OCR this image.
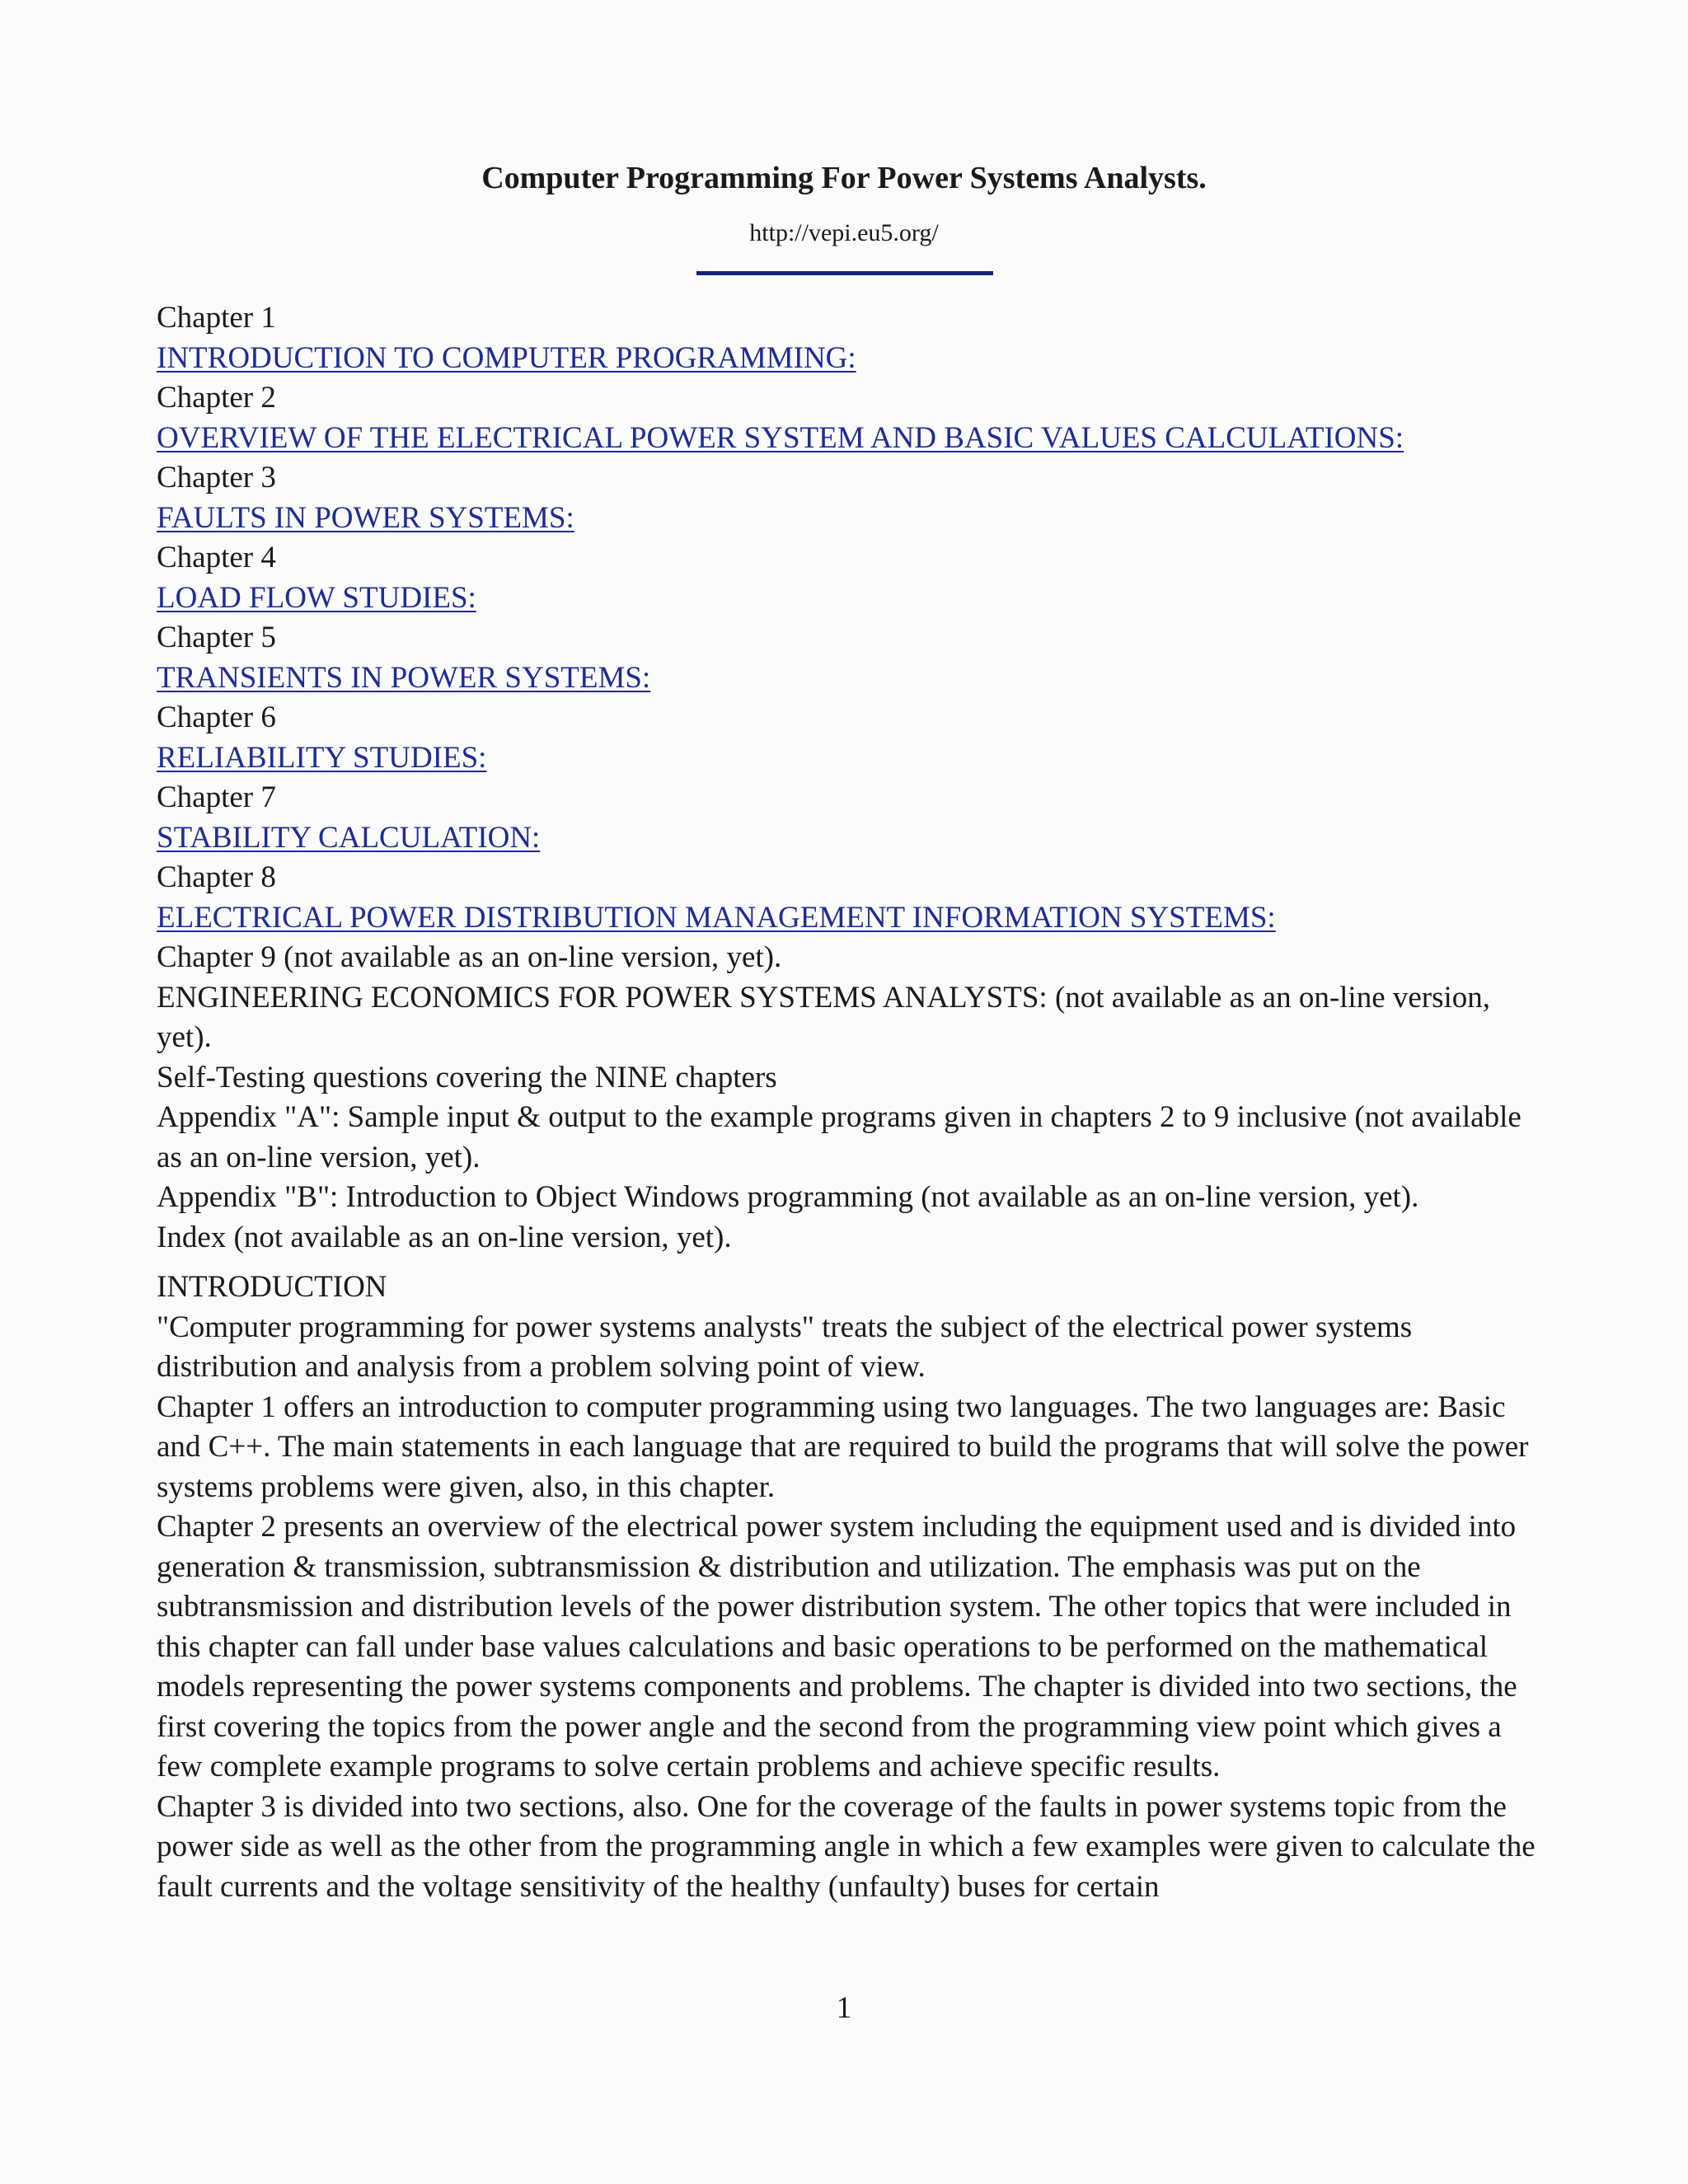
Computer Programming For Power Systems Analysts.
http://vepi.eu5.org/
Chapter 1
INTRODUCTION TO COMPUTER PROGRAMMING:
Chapter 2
OVERVIEW OF THE ELECTRICAL POWER SYSTEM AND BASIC VALUES CALCULATIONS:
Chapter 3
FAULTS IN POWER SYSTEMS:
Chapter 4
LOAD FLOW STUDIES:
Chapter 5
TRANSIENTS IN POWER SYSTEMS:
Chapter 6
RELIABILITY STUDIES:
Chapter 7
STABILITY CALCULATION:
Chapter 8
ELECTRICAL POWER DISTRIBUTION MANAGEMENT INFORMATION SYSTEMS:
Chapter 9 (not available as an on-line version, yet).
ENGINEERING ECONOMICS FOR POWER SYSTEMS ANALYSTS: (not available as an on-line version, yet).
Self-Testing questions covering the NINE chapters
Appendix "A": Sample input & output to the example programs given in chapters 2 to 9 inclusive (not available as an on-line version, yet).
Appendix "B": Introduction to Object Windows programming (not available as an on-line version, yet).
Index (not available as an on-line version, yet).
INTRODUCTION
"Computer programming for power systems analysts" treats the subject of the electrical power systems distribution and analysis from a problem solving point of view.
Chapter 1 offers an introduction to computer programming using two languages. The two languages are: Basic and C++. The main statements in each language that are required to build the programs that will solve the power systems problems were given, also, in this chapter.
Chapter 2 presents an overview of the electrical power system including the equipment used and is divided into generation & transmission, subtransmission & distribution and utilization. The emphasis was put on the subtransmission and distribution levels of the power distribution system. The other topics that were included in this chapter can fall under base values calculations and basic operations to be performed on the mathematical models representing the power systems components and problems. The chapter is divided into two sections, the first covering the topics from the power angle and the second from the programming view point which gives a few complete example programs to solve certain problems and achieve specific results.
Chapter 3 is divided into two sections, also. One for the coverage of the faults in power systems topic from the power side as well as the other from the programming angle in which a few examples were given to calculate the fault currents and the voltage sensitivity of the healthy (unfaulty) buses for certain
1
